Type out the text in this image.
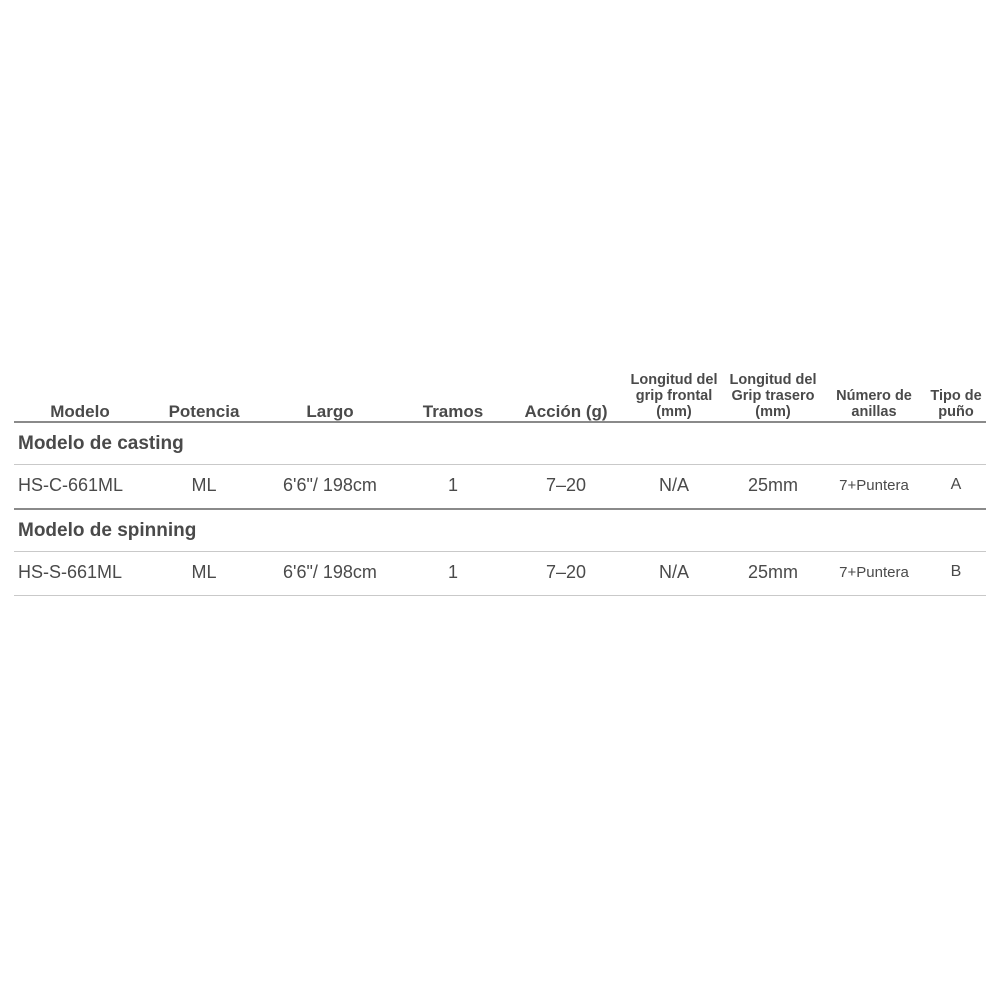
Modelo	Potencia	Largo	Tramos	Acción (g)	Longitud del grip frontal (mm)	Longitud del Grip trasero (mm)	Número de anillas	Tipo de puño
Modelo de casting								
HS-C-661ML	ML	6'6"/ 198cm	1	7–20	N/A	25mm	7+Puntera	A
Modelo de spinning								
HS-S-661ML	ML	6'6"/ 198cm	1	7–20	N/A	25mm	7+Puntera	B
